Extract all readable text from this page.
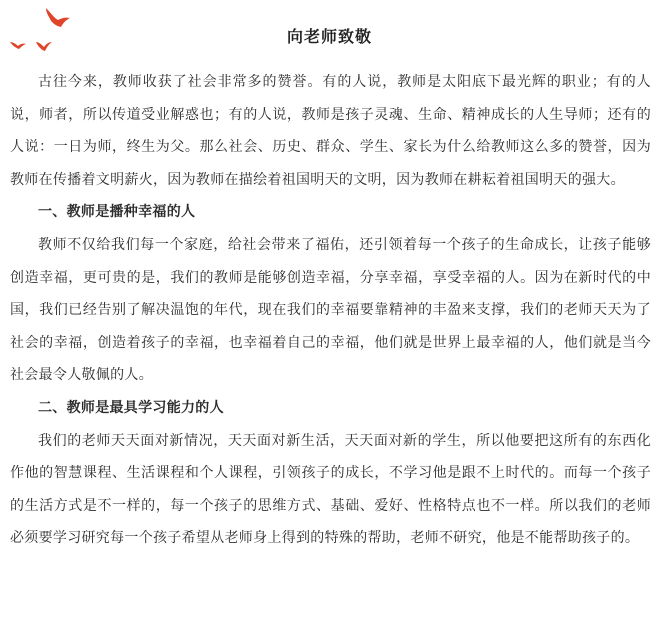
向老师致敬

古往今来，教师收获了社会非常多的赞誉。有的人说，教师是太阳底下最光辉的职业；有的人说，师者，所以传道受业解惑也；有的人说，教师是孩子灵魂、生命、精神成长的人生导师；还有的人说：一日为师，终生为父。那么社会、历史、群众、学生、家长为什么给教师这么多的赞誉，因为教师在传播着文明薪火，因为教师在描绘着祖国明天的文明，因为教师在耕耘着祖国明天的强大。

一、教师是播种幸福的人

教师不仅给我们每一个家庭，给社会带来了福佑，还引领着每一个孩子的生命成长，让孩子能够创造幸福，更可贵的是，我们的教师是能够创造幸福，分享幸福，享受幸福的人。因为在新时代的中国，我们已经告别了解决温饱的年代，现在我们的幸福要靠精神的丰盈来支撑，我们的老师天天为了社会的幸福，创造着孩子的幸福，也幸福着自己的幸福，他们就是世界上最幸福的人，他们就是当今社会最令人敬佩的人。

二、教师是最具学习能力的人

我们的老师天天面对新情况，天天面对新生活，天天面对新的学生，所以他要把这所有的东西化作他的智慧课程、生活课程和个人课程，引领孩子的成长，不学习他是跟不上时代的。而每一个孩子的生活方式是不一样的，每一个孩子的思维方式、基础、爱好、性格特点也不一样。所以我们的老师必须要学习研究每一个孩子希望从老师身上得到的特殊的帮助，老师不研究，他是不能帮助孩子的。
